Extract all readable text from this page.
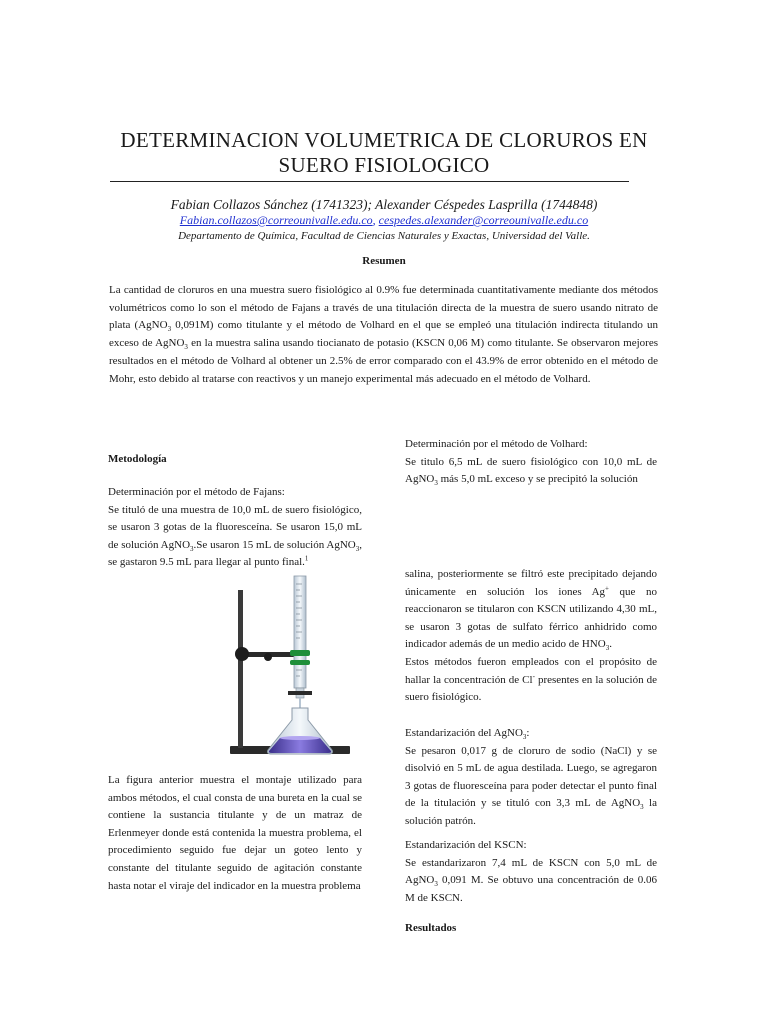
DETERMINACION VOLUMETRICA DE CLORUROS EN
SUERO FISIOLOGICO
Fabian Collazos Sánchez (1741323); Alexander Céspedes Lasprilla (1744848)
Fabian.collazos@correounivalle.edu.co, cespedes.alexander@correounivalle.edu.co
Departamento de Química, Facultad de Ciencias Naturales y Exactas, Universidad del Valle.
Resumen
La cantidad de cloruros en una muestra suero fisiológico al 0.9% fue determinada cuantitativamente mediante dos métodos volumétricos como lo son el método de Fajans a través de una titulación directa de la muestra de suero usando nitrato de plata (AgNO$_3$ 0,091M) como titulante y el método de Volhard en el que se empleó una titulación indirecta titulando un exceso de AgNO$_3$ en la muestra salina usando tiocianato de potasio (KSCN 0,06 M) como titulante. Se observaron mejores resultados en el método de Volhard al obtener un 2.5% de error comparado con el 43.9% de error obtenido en el método de Mohr, esto debido al tratarse con reactivos y un manejo experimental más adecuado en el método de Volhard.
Metodología

Determinación por el método de Fajans:

Se tituló de una muestra de 10,0 mL de suero fisiológico, se usaron 3 gotas de la fluoresceína. Se usaron 15,0 mL de solución AgNO$_3$.Se usaron 15 mL de solución AgNO$_3$, se gastaron 9.5 mL para llegar al punto final.$^1$

La figura anterior muestra el montaje utilizado para ambos métodos, el cual consta de una bureta en la cual se contiene la sustancia titulante y de un matraz de Erlenmeyer donde está contenida la muestra problema, el procedimiento seguido fue dejar un goteo lento y constante del titulante seguido de agitación constante hasta notar el viraje del indicador en la muestra problema

Determinación por el método de Volhard:

Se titulo 6,5 mL de suero fisiológico con 10,0 mL de AgNO$_3$ más 5,0 mL exceso y se precipitó la solución

salina, posteriormente se filtró este precipitado dejando únicamente en solución los iones Ag+ que no reaccionaron se titularon con KSCN utilizando 4,30 mL, se usaron 3 gotas de sulfato férrico anhidrido como indicador además de un medio acido de $HNO_3$.

Estos métodos fueron empleados con el propósito de hallar la concentración de Cl- presentes en la solución de suero fisiológico.

Estandarización del AgNO$_3$:

Se pesaron 0,017 g de cloruro de sodio (NaCl) y se disolvió en 5 mL de agua destilada. Luego, se agregaron 3 gotas de fluoresceína para poder detectar el punto final de la titulación y se tituló con 3,3 mL de AgNO$_3$ la solución patrón.

Estandarización del KSCN:

Se estandarizaron 7,4 mL de KSCN con 5,0 mL de AgNO$_3$ 0,091 M. Se obtuvo una concentración de 0.06 M de KSCN.

Resultados
